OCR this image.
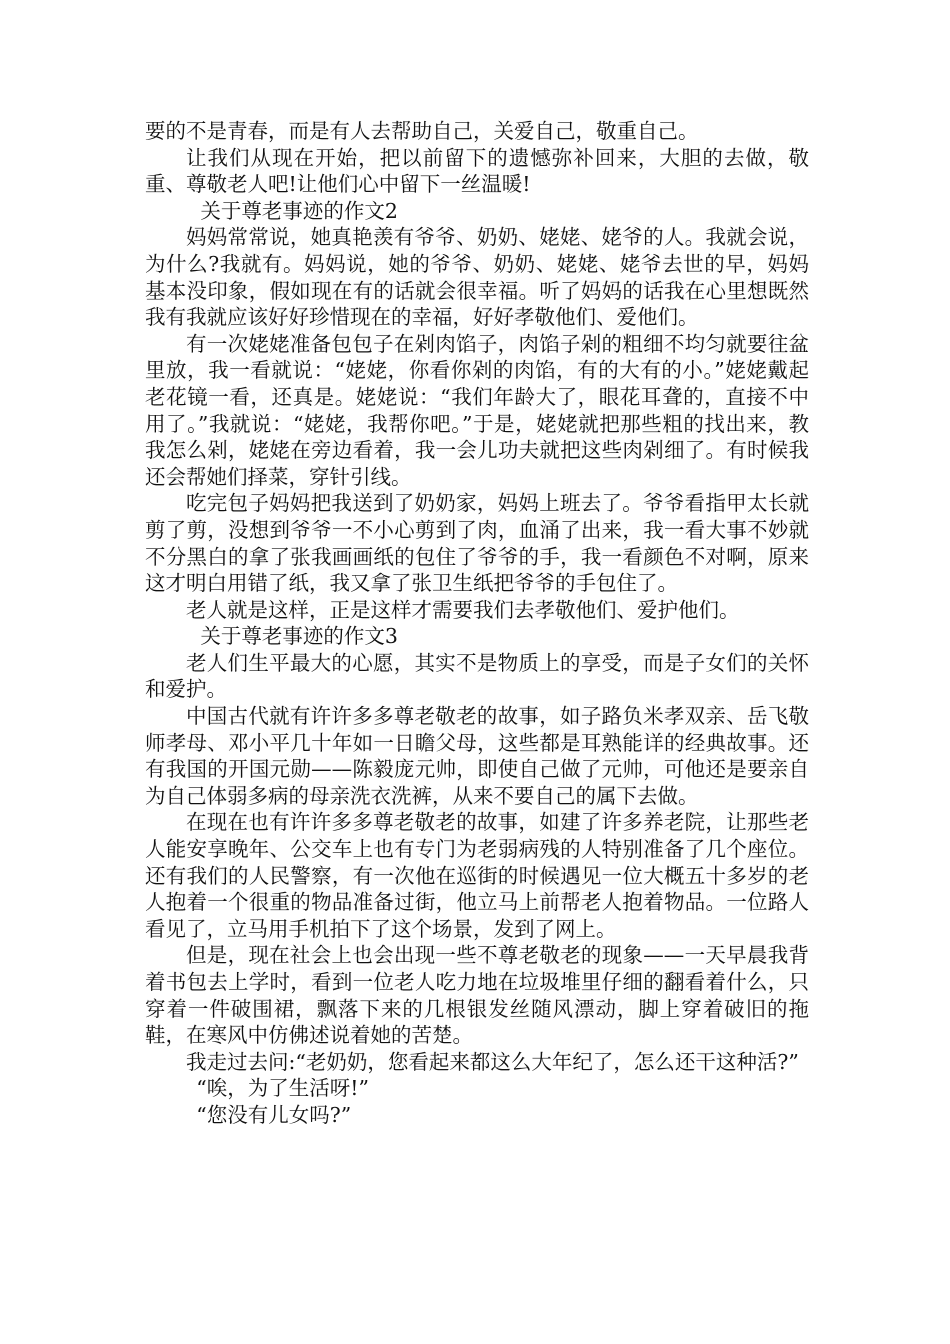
要的不是青春，而是有人去帮助自己，关爱自己，敬重自己。

让我们从现在开始，把以前留下的遗憾弥补回来，大胆的去做，敬重、尊敬老人吧!让他们心中留下一丝温暖!

关于尊老事迹的作文2

妈妈常常说，她真艳羡有爷爷、奶奶、姥姥、姥爷的人。我就会说，为什么?我就有。妈妈说，她的爷爷、奶奶、姥姥、姥爷去世的早，妈妈基本没印象，假如现在有的话就会很幸福。听了妈妈的话我在心里想既然我有我就应该好好珍惜现在的幸福，好好孝敬他们、爱他们。

有一次姥姥准备包包子在剁肉馅子，肉馅子剁的粗细不均匀就要往盆里放，我一看就说：“姥姥，你看你剁的肉馅，有的大有的小。”姥姥戴起老花镜一看，还真是。姥姥说：“我们年龄大了，眼花耳聋的，直接不中用了。”我就说：“姥姥，我帮你吧。”于是，姥姥就把那些粗的找出来，教我怎么剁，姥姥在旁边看着，我一会儿功夫就把这些肉剁细了。有时候我还会帮她们择菜，穿针引线。

吃完包子妈妈把我送到了奶奶家，妈妈上班去了。爷爷看指甲太长就剪了剪，没想到爷爷一不小心剪到了肉，血涌了出来，我一看大事不妙就不分黑白的拿了张我画画纸的包住了爷爷的手，我一看颜色不对啊，原来这才明白用错了纸，我又拿了张卫生纸把爷爷的手包住了。

老人就是这样，正是这样才需要我们去孝敬他们、爱护他们。

关于尊老事迹的作文3

老人们生平最大的心愿，其实不是物质上的享受，而是子女们的关怀和爱护。

中国古代就有许许多多尊老敬老的故事，如子路负米孝双亲、岳飞敬师孝母、邓小平几十年如一日瞻父母，这些都是耳熟能详的经典故事。还有我国的开国元勋——陈毅庞元帅，即使自己做了元帅，可他还是要亲自为自己体弱多病的母亲洗衣洗裤，从来不要自己的属下去做。

在现在也有许许多多尊老敬老的故事，如建了许多养老院，让那些老人能安享晚年、公交车上也有专门为老弱病残的人特别准备了几个座位。还有我们的人民警察，有一次他在巡街的时候遇见一位大概五十多岁的老人抱着一个很重的物品准备过街，他立马上前帮老人抱着物品。一位路人看见了，立马用手机拍下了这个场景，发到了网上。

但是，现在社会上也会出现一些不尊老敬老的现象——一天早晨我背着书包去上学时，看到一位老人吃力地在垃圾堆里仔细的翻看着什么，只穿着一件破围裙，飘落下来的几根银发丝随风漂动，脚上穿着破旧的拖鞋，在寒风中仿佛述说着她的苦楚。

我走过去问:“老奶奶，您看起来都这么大年纪了，怎么还干这种活?”

“唉，为了生活呀!”

“您没有儿女吗?”
